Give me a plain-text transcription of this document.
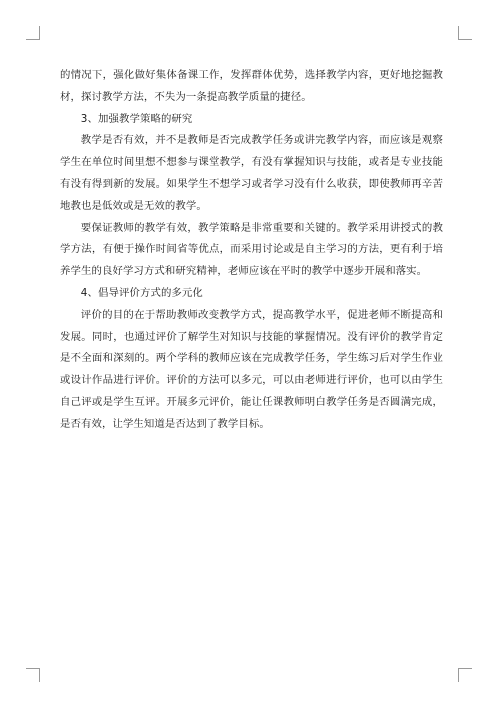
的情况下，强化做好集体备课工作，发挥群体优势，选择教学内容，更好地挖掘教材，探讨教学方法，不失为一条提高教学质量的捷径。

3、加强教学策略的研究

教学是否有效，并不是教师是否完成教学任务或讲完教学内容，而应该是观察学生在单位时间里想不想参与课堂教学，有没有掌握知识与技能，或者是专业技能有没有得到新的发展。如果学生不想学习或者学习没有什么收获，即使教师再辛苦地教也是低效或是无效的教学。

要保证教师的教学有效，教学策略是非常重要和关键的。教学采用讲授式的教学方法，有便于操作时间省等优点，而采用讨论或是自主学习的方法，更有利于培养学生的良好学习方式和研究精神，老师应该在平时的教学中逐步开展和落实。

4、倡导评价方式的多元化

评价的目的在于帮助教师改变教学方式，提高教学水平，促进老师不断提高和发展。同时，也通过评价了解学生对知识与技能的掌握情况。没有评价的教学肯定是不全面和深刻的。两个学科的教师应该在完成教学任务，学生练习后对学生作业或设计作品进行评价。评价的方法可以多元，可以由老师进行评价，也可以由学生自己评或是学生互评。开展多元评价，能让任课教师明白教学任务是否圆满完成，是否有效，让学生知道是否达到了教学目标。
